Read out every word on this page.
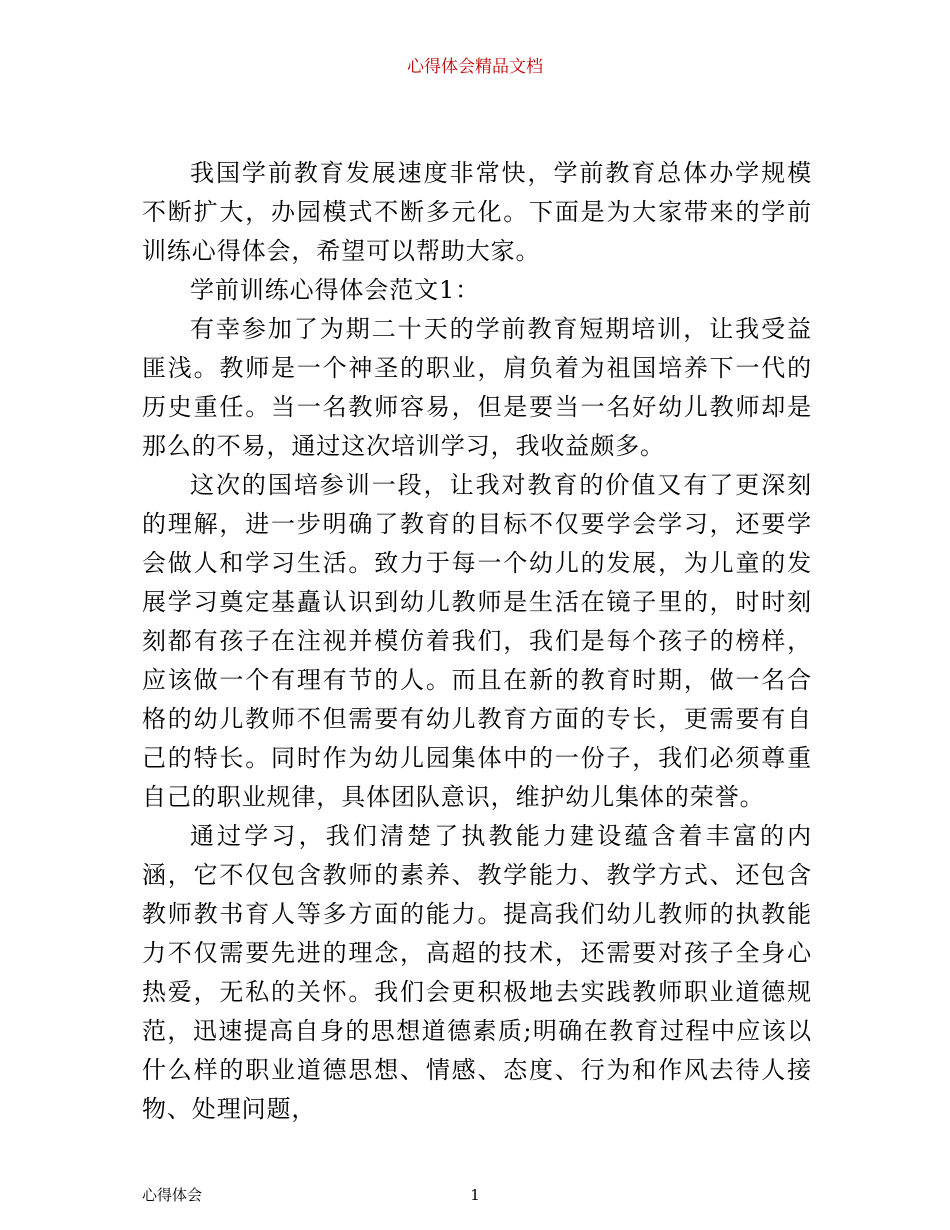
心得体会精品文档

我国学前教育发展速度非常快，学前教育总体办学规模不断扩大，办园模式不断多元化。下面是为大家带来的学前训练心得体会，希望可以帮助大家。

学前训练心得体会范文1：

有幸参加了为期二十天的学前教育短期培训，让我受益匪浅。教师是一个神圣的职业，肩负着为祖国培养下一代的历史重任。当一名教师容易，但是要当一名好幼儿教师却是那么的不易，通过这次培训学习，我收益颇多。

这次的国培参训一段，让我对教育的价值又有了更深刻的理解，进一步明确了教育的目标不仅要学会学习，还要学会做人和学习生活。致力于每一个幼儿的发展，为儿童的发展学习奠定基矗认识到幼儿教师是生活在镜子里的，时时刻刻都有孩子在注视并模仿着我们，我们是每个孩子的榜样，应该做一个有理有节的人。而且在新的教育时期，做一名合格的幼儿教师不但需要有幼儿教育方面的专长，更需要有自己的特长。同时作为幼儿园集体中的一份子，我们必须尊重自己的职业规律，具体团队意识，维护幼儿集体的荣誉。

通过学习，我们清楚了执教能力建设蕴含着丰富的内涵，它不仅包含教师的素养、教学能力、教学方式、还包含教师教书育人等多方面的能力。提高我们幼儿教师的执教能力不仅需要先进的理念，高超的技术，还需要对孩子全身心热爱，无私的关怀。我们会更积极地去实践教师职业道德规范，迅速提高自身的思想道德素质;明确在教育过程中应该以什么样的职业道德思想、情感、态度、行为和作风去待人接物、处理问题，

心得体会	1
